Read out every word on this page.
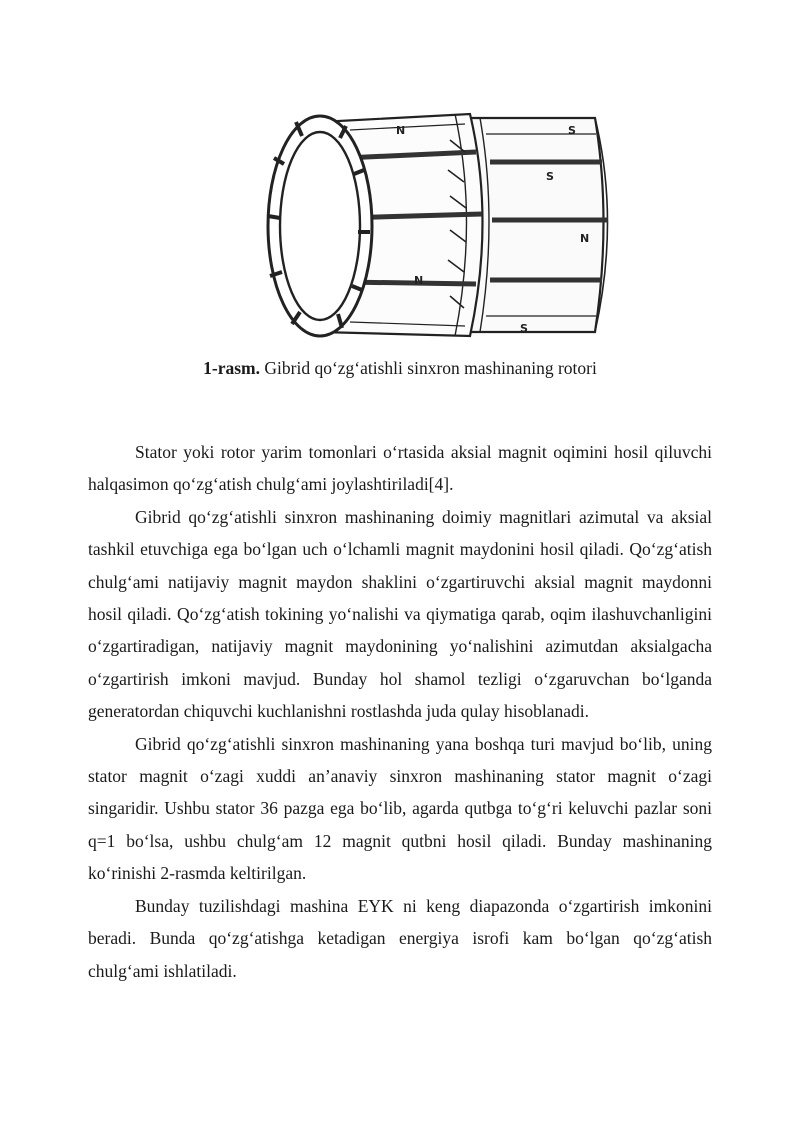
N
S
N
S
S
N
1-rasm. Gibrid qo‘zg‘atishli sinxron mashinaning rotori

Stator yoki rotor yarim tomonlari o‘rtasida aksial magnit oqimini hosil qiluvchi halqasimon qo‘zg‘atish chulg‘ami joylashtiriladi[4].

Gibrid qo‘zg‘atishli sinxron mashinaning doimiy magnitlari azimutal va aksial tashkil etuvchiga ega bo‘lgan uch o‘lchamli magnit maydonini hosil qiladi. Qo‘zg‘atish chulg‘ami natijaviy magnit maydon shaklini o‘zgartiruvchi aksial magnit maydonni hosil qiladi. Qo‘zg‘atish tokining yo‘nalishi va qiymatiga qarab, oqim ilashuvchanligini o‘zgartiradigan, natijaviy magnit maydonining yo‘nalishini azimutdan aksialgacha o‘zgartirish imkoni mavjud. Bunday hol shamol tezligi o‘zgaruvchan bo‘lganda generatordan chiquvchi kuchlanishni rostlashda juda qulay hisoblanadi.

Gibrid qo‘zg‘atishli sinxron mashinaning yana boshqa turi mavjud bo‘lib, uning stator magnit o‘zagi xuddi an’anaviy sinxron mashinaning stator magnit o‘zagi singaridir. Ushbu stator 36 pazga ega bo‘lib, agarda qutbga to‘g‘ri keluvchi pazlar soni q=1 bo‘lsa, ushbu chulg‘am 12 magnit qutbni hosil qiladi. Bunday mashinaning ko‘rinishi 2-rasmda keltirilgan.

Bunday tuzilishdagi mashina EYK ni keng diapazonda o‘zgartirish imkonini beradi. Bunda qo‘zg‘atishga ketadigan energiya isrofi kam bo‘lgan qo‘zg‘atish chulg‘ami ishlatiladi.
